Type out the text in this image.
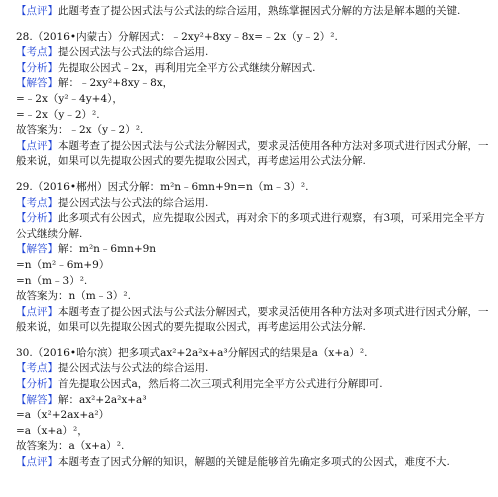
【点评】此题考查了提公因式法与公式法的综合运用，熟练掌握因式分解的方法是解本题的关键.
28.（2016•内蒙古）分解因式：﹣2xy²+8xy﹣8x=﹣2x（y﹣2）².
【考点】提公因式法与公式法的综合运用.
【分析】先提取公因式﹣2x，再利用完全平方公式继续分解因式.
【解答】解：﹣2xy²+8xy﹣8x，
=﹣2x（y²﹣4y+4），
=﹣2x（y﹣2）².
故答案为：﹣2x（y﹣2）².
【点评】本题考查了提公因式法与公式法分解因式，要求灵活使用各种方法对多项式进行因式分解，一般来说，如果可以先提取公因式的要先提取公因式，再考虑运用公式法分解.
29.（2016•郴州）因式分解：m²n﹣6mn+9n=n（m﹣3）².
【考点】提公因式法与公式法的综合运用.
【分析】此多项式有公因式，应先提取公因式，再对余下的多项式进行观察，有3项，可采用完全平方公式继续分解.
【解答】解：m²n﹣6mn+9n
=n（m²﹣6m+9）
=n（m﹣3）².
故答案为：n（m﹣3）².
【点评】本题考查了提公因式法与公式法分解因式，要求灵活使用各种方法对多项式进行因式分解，一般来说，如果可以先提取公因式的要先提取公因式，再考虑运用公式法分解.
30.（2016•哈尔滨）把多项式ax²+2a²x+a³分解因式的结果是a（x+a）².
【考点】提公因式法与公式法的综合运用.
【分析】首先提取公因式a，然后将二次三项式利用完全平方公式进行分解即可.
【解答】解：ax²+2a²x+a³
=a（x²+2ax+a²）
=a（x+a）²，
故答案为：a（x+a）².
【点评】本题考查了因式分解的知识，解题的关键是能够首先确定多项式的公因式，难度不大.
